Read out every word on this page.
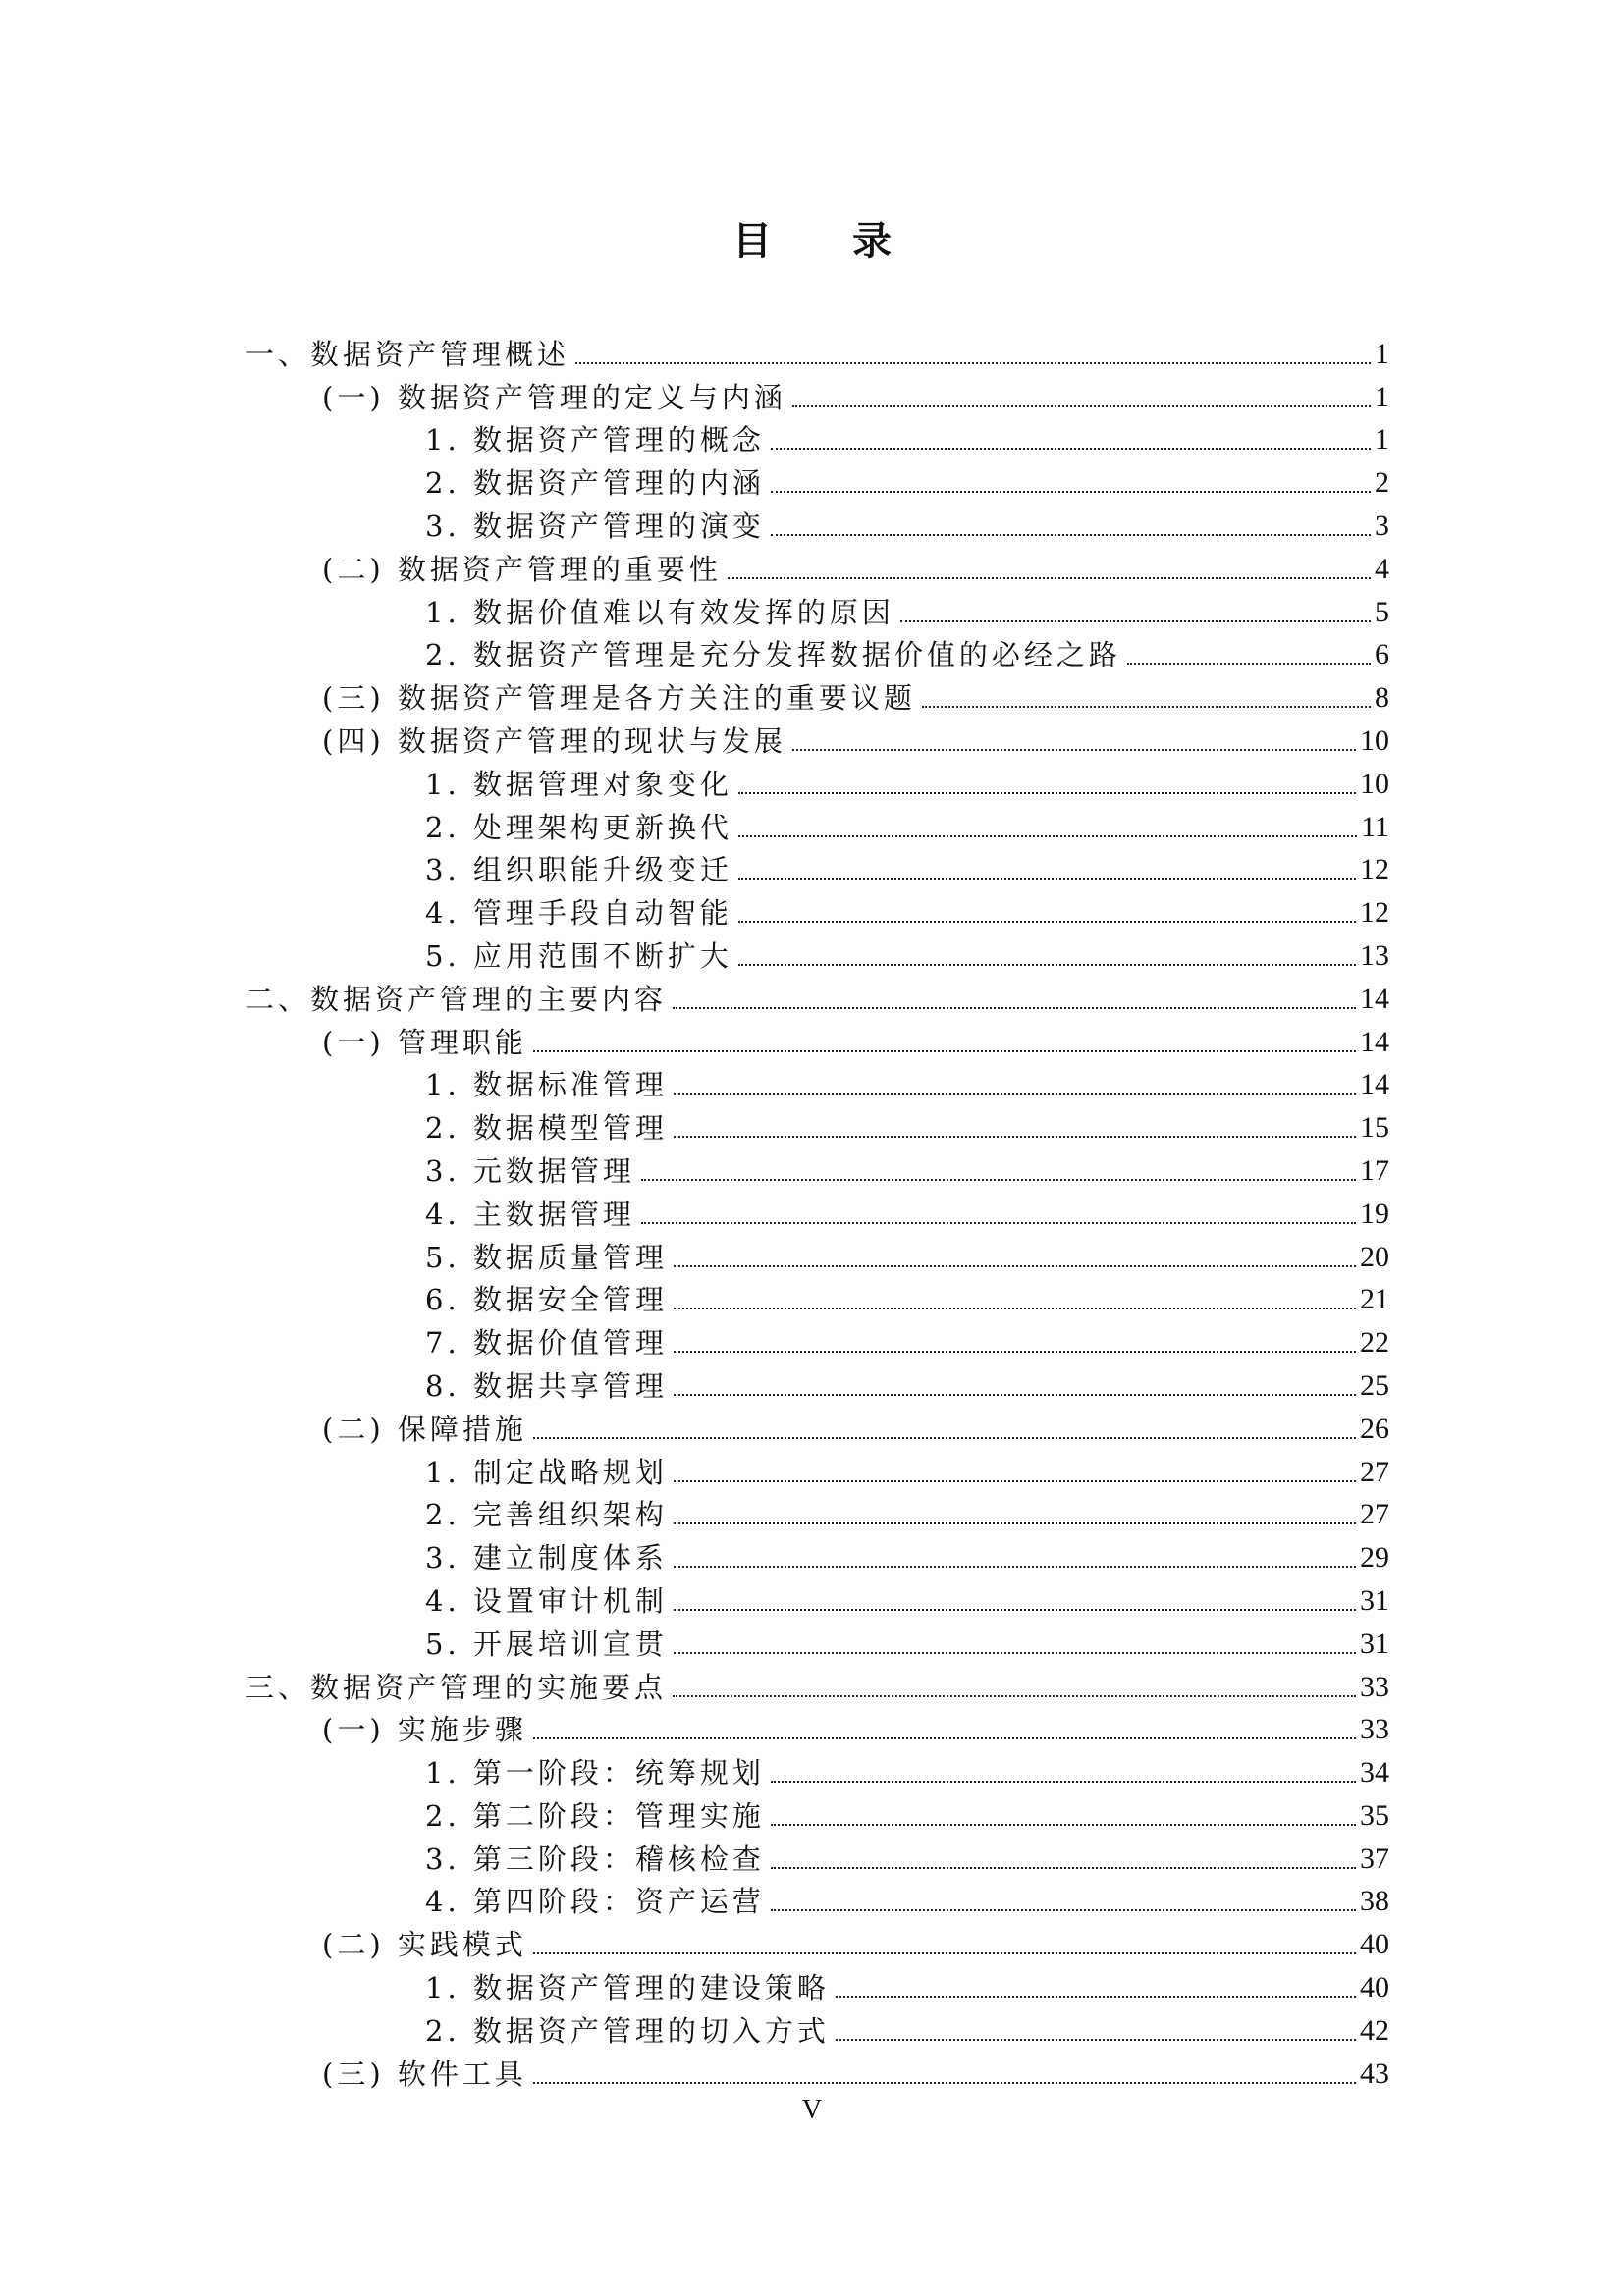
目 录
一、数据资产管理概述	1
(一) 数据资产管理的定义与内涵	1
1. 数据资产管理的概念	1
2. 数据资产管理的内涵	2
3. 数据资产管理的演变	3
(二) 数据资产管理的重要性	4
1. 数据价值难以有效发挥的原因	5
2. 数据资产管理是充分发挥数据价值的必经之路	6
(三) 数据资产管理是各方关注的重要议题	8
(四) 数据资产管理的现状与发展	10
1. 数据管理对象变化	10
2. 处理架构更新换代	11
3. 组织职能升级变迁	12
4. 管理手段自动智能	12
5. 应用范围不断扩大	13
二、数据资产管理的主要内容	14
(一) 管理职能	14
1. 数据标准管理	14
2. 数据模型管理	15
3. 元数据管理	17
4. 主数据管理	19
5. 数据质量管理	20
6. 数据安全管理	21
7. 数据价值管理	22
8. 数据共享管理	25
(二) 保障措施	26
1. 制定战略规划	27
2. 完善组织架构	27
3. 建立制度体系	29
4. 设置审计机制	31
5. 开展培训宣贯	31
三、数据资产管理的实施要点	33
(一) 实施步骤	33
1. 第一阶段：统筹规划	34
2. 第二阶段：管理实施	35
3. 第三阶段：稽核检查	37
4. 第四阶段：资产运营	38
(二) 实践模式	40
1. 数据资产管理的建设策略	40
2. 数据资产管理的切入方式	42
(三) 软件工具	43
V
